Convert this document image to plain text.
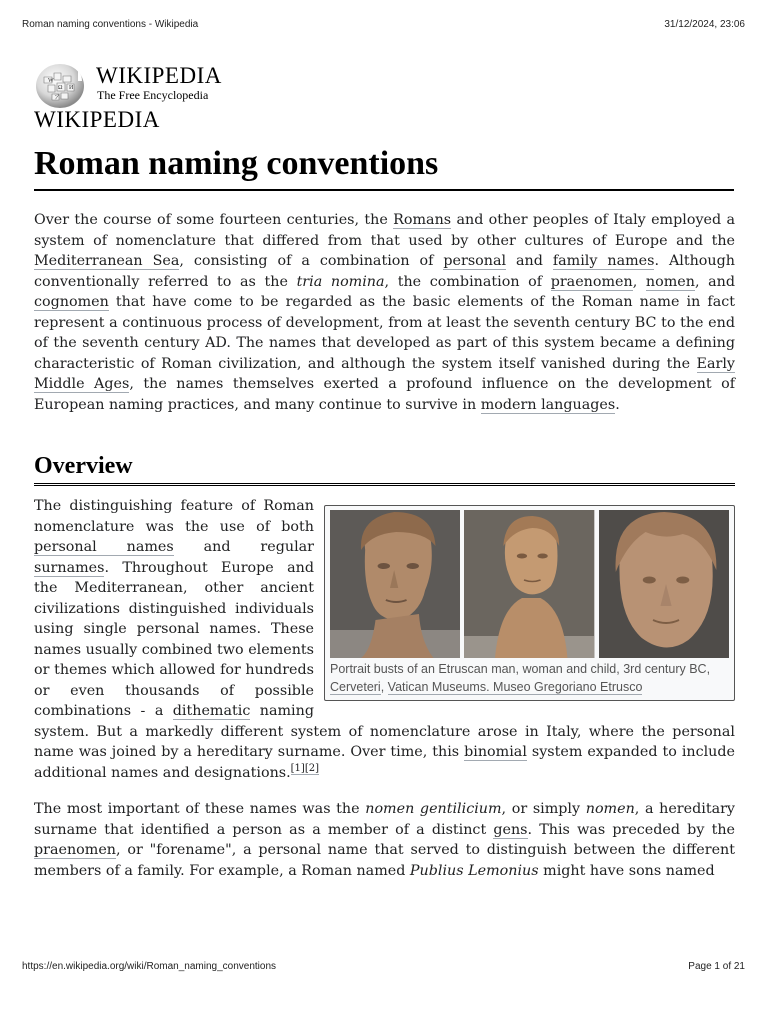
Roman naming conventions - Wikipedia	31/12/2024, 23:06
W
Ω И
ア
WIKIPEDIA
The Free Encyclopedia
WIKIPEDIA
Roman naming conventions

Over the course of some fourteen centuries, the Romans and other peoples of Italy employed a system of nomenclature that differed from that used by other cultures of Europe and the Mediterranean Sea, consisting of a combination of personal and family names. Although conventionally referred to as the tria nomina, the combination of praenomen, nomen, and cognomen that have come to be regarded as the basic elements of the Roman name in fact represent a continuous process of development, from at least the seventh century BC to the end of the seventh century AD. The names that developed as part of this system became a defining characteristic of Roman civilization, and although the system itself vanished during the Early Middle Ages, the names themselves exerted a profound influence on the development of European naming practices, and many continue to survive in modern languages.

Overview
Portrait busts of an Etruscan man, woman and child, 3rd century BC, Cerveteri, Vatican Museums. Museo Gregoriano Etrusco

The distinguishing feature of Roman nomenclature was the use of both personal names and regular surnames. Throughout Europe and the Mediterranean, other ancient civilizations distinguished individuals using single personal names. These names usually combined two elements or themes which allowed for hundreds or even thousands of possible combinations - a dithematic naming system. But a markedly different system of nomenclature arose in Italy, where the personal name was joined by a hereditary surname. Over time, this binomial system expanded to include additional names and designations.[1][2]

The most important of these names was the nomen gentilicium, or simply nomen, a hereditary surname that identified a person as a member of a distinct gens. This was preceded by the praenomen, or "forename", a personal name that served to distinguish between the different members of a family. For example, a Roman named Publius Lemonius might have sons named

https://en.wikipedia.org/wiki/Roman_naming_conventions	Page 1 of 21
